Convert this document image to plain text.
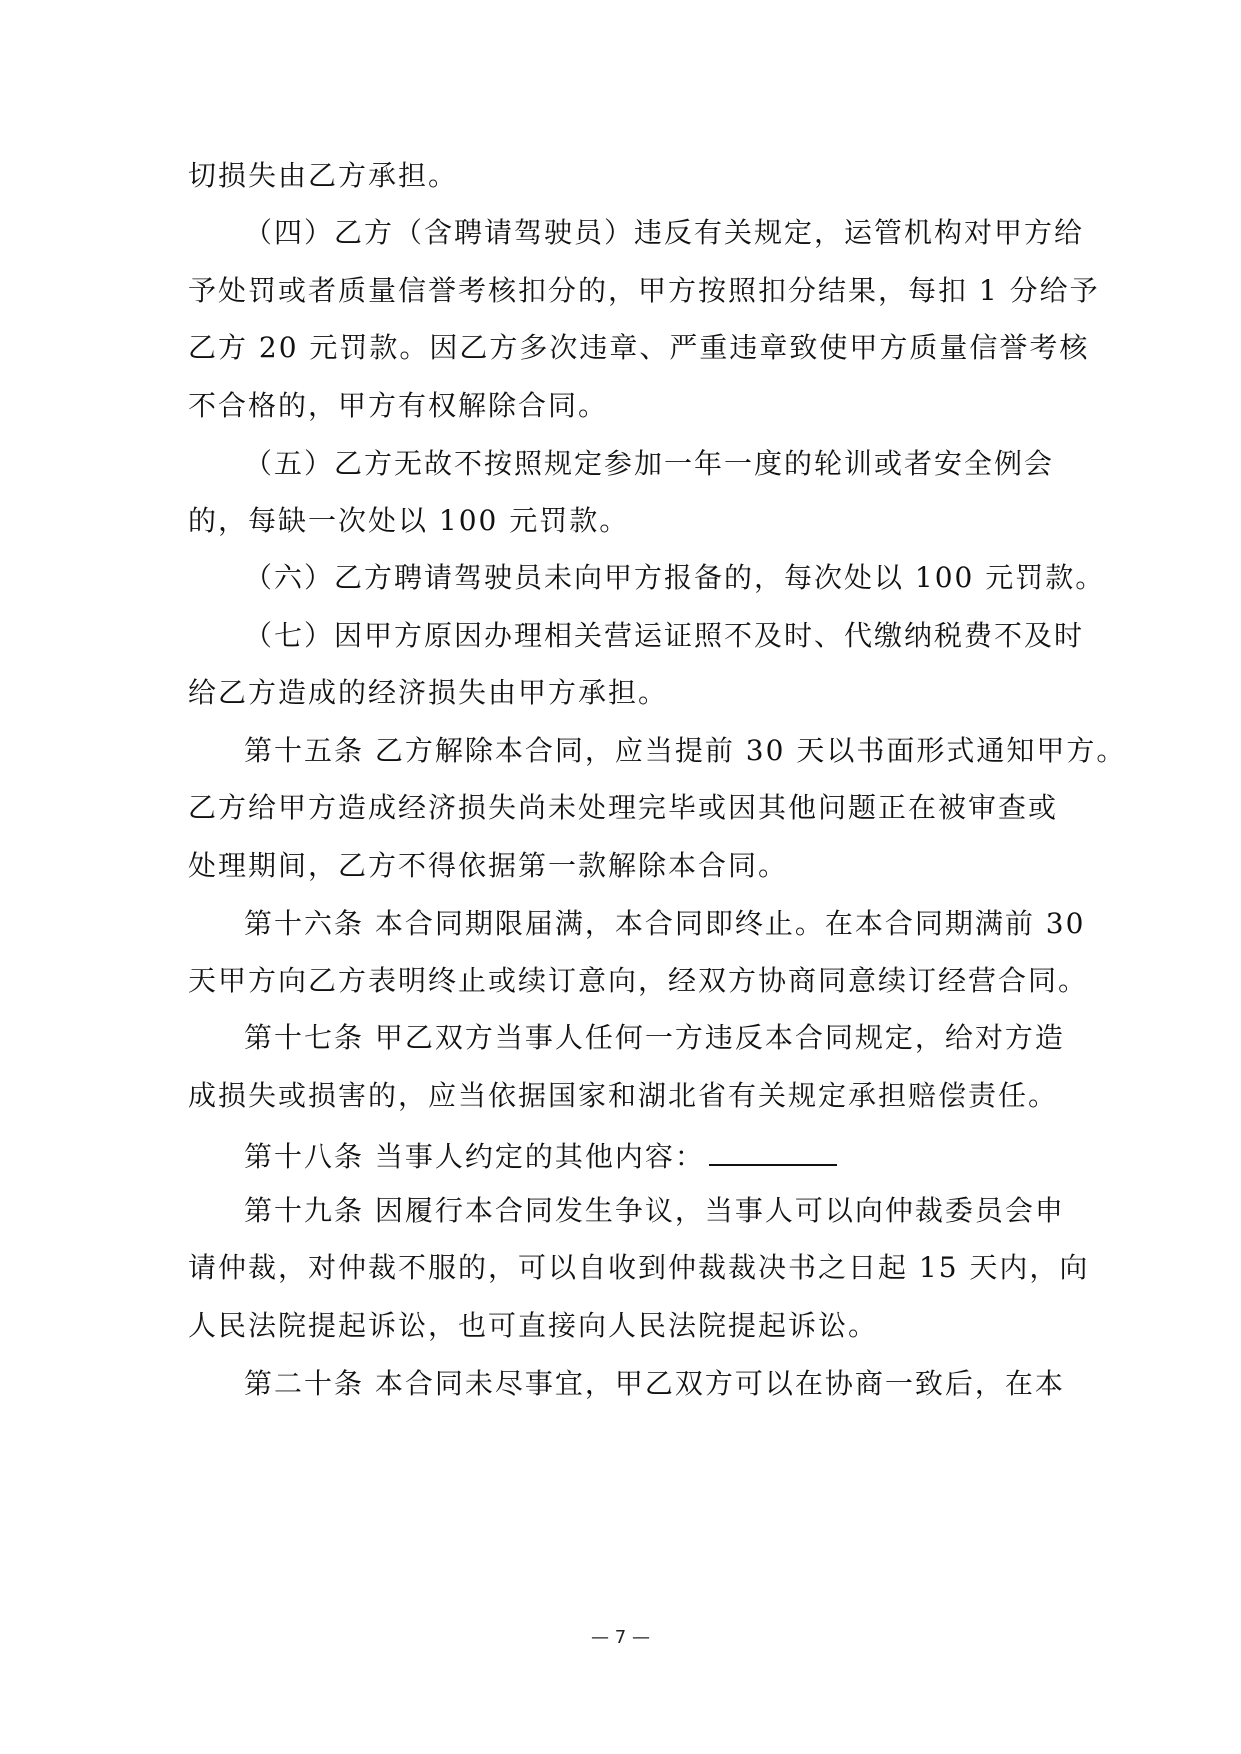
切损失由乙方承担。
（四）乙方（含聘请驾驶员）违反有关规定，运管机构对甲方给
予处罚或者质量信誉考核扣分的，甲方按照扣分结果，每扣 1 分给予
乙方 20 元罚款。因乙方多次违章、严重违章致使甲方质量信誉考核
不合格的，甲方有权解除合同。
（五）乙方无故不按照规定参加一年一度的轮训或者安全例会
的，每缺一次处以 100 元罚款。
（六）乙方聘请驾驶员未向甲方报备的，每次处以 100 元罚款。
（七）因甲方原因办理相关营运证照不及时、代缴纳税费不及时
给乙方造成的经济损失由甲方承担。
第十五条 乙方解除本合同，应当提前 30 天以书面形式通知甲方。
乙方给甲方造成经济损失尚未处理完毕或因其他问题正在被审查或
处理期间，乙方不得依据第一款解除本合同。
第十六条 本合同期限届满，本合同即终止。在本合同期满前 30
天甲方向乙方表明终止或续订意向，经双方协商同意续订经营合同。
第十七条 甲乙双方当事人任何一方违反本合同规定，给对方造
成损失或损害的，应当依据国家和湖北省有关规定承担赔偿责任。
第十八条 当事人约定的其他内容：
第十九条 因履行本合同发生争议，当事人可以向仲裁委员会申
请仲裁，对仲裁不服的，可以自收到仲裁裁决书之日起 15 天内，向
人民法院提起诉讼，也可直接向人民法院提起诉讼。
第二十条 本合同未尽事宜，甲乙双方可以在协商一致后，在本
— 7 —
